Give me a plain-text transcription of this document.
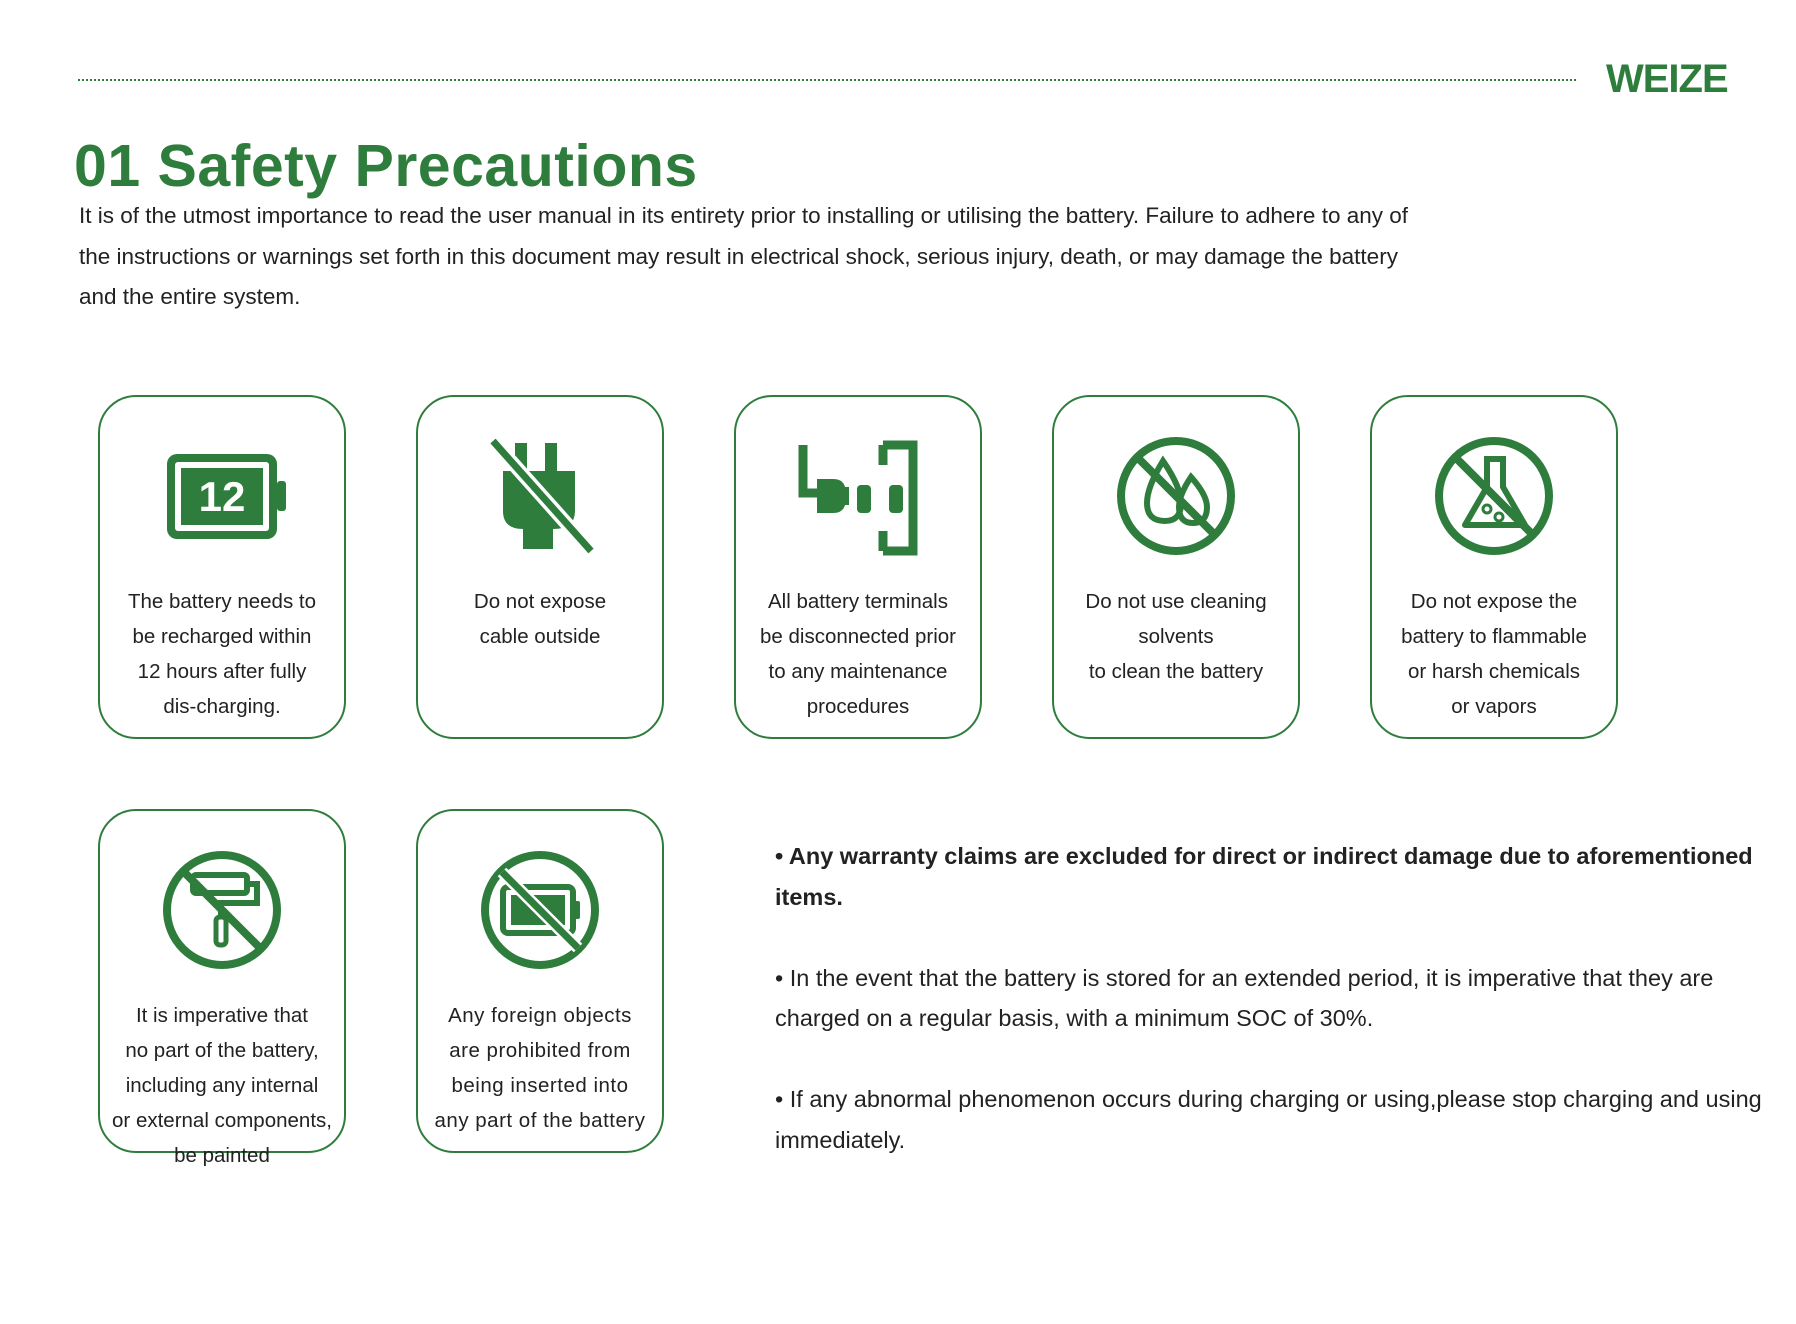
WEIZE
01 Safety Precautions

It is of the utmost importance to read the user manual in its entirety prior to installing or utilising the battery. Failure to adhere to any of the instructions or warnings set forth in this document may result in electrical shock, serious injury, death, or may damage the battery and the entire system.

12
The battery needs to
be recharged within
12 hours after fully
dis-charging.
Do not expose
cable outside
All battery terminals
be disconnected prior
to any maintenance
procedures
Do not use cleaning
solvents
to clean the battery
Do not expose the
battery to flammable
or harsh chemicals
or vapors
It is imperative that
no part of the battery,
including any internal
or external components,
be painted
Any foreign objects
are prohibited from
being inserted into
any part of the battery

• Any warranty claims are excluded for direct or indirect damage due to aforementioned items.

• In the event that the battery is stored for an extended period, it is imperative that they are charged on a regular basis, with a minimum SOC of 30%.

• If any abnormal phenomenon occurs during charging or using,please stop charging and using immediately.
